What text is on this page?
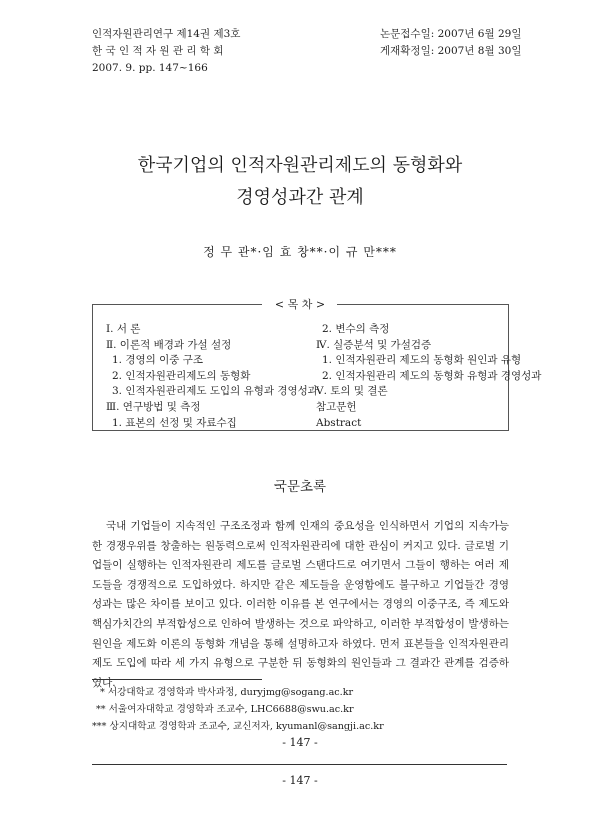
인적자원관리연구 제14권 제3호
한 국 인 적 자 원 관 리 학 회
2007. 9. pp. 147~166
논문접수일: 2007년 6월 29일
게재확정일: 2007년 8월 30일
한국기업의 인적자원관리제도의 동형화와
경영성과간 관계
정 무 관*·임 효 창**·이 규 만***
< 목 차 >
Ⅰ. 서 론
Ⅱ. 이론적 배경과 가설 설정
1. 경영의 이중 구조
2. 인적자원관리제도의 동형화
3. 인적자원관리제도 도입의 유형과 경영성과
Ⅲ. 연구방법 및 측정
1. 표본의 선정 및 자료수집
2. 변수의 측정
Ⅳ. 실증분석 및 가설검증
1. 인적자원관리 제도의 동형화 원인과 유형
2. 인적자원관리 제도의 동형화 유형과 경영성과
Ⅴ. 토의 및 결론
참고문헌
Abstract
국문초록
국내 기업들이 지속적인 구조조정과 함께 인재의 중요성을 인식하면서 기업의 지속가능한 경쟁우위를 창출하는 원동력으로써 인적자원관리에 대한 관심이 커지고 있다. 글로벌 기업들이 실행하는 인적자원관리 제도를 글로벌 스탠다드로 여기면서 그들이 행하는 여러 제도들을 경쟁적으로 도입하였다. 하지만 같은 제도들을 운영함에도 불구하고 기업들간 경영성과는 많은 차이를 보이고 있다. 이러한 이유를 본 연구에서는 경영의 이중구조, 즉 제도와 핵심가치간의 부적합성으로 인하여 발생하는 것으로 파악하고, 이러한 부적합성이 발생하는 원인을 제도화 이론의 동형화 개념을 통해 설명하고자 하였다. 먼저 표본들을 인적자원관리 제도 도입에 따라 세 가지 유형으로 구분한 뒤 동형화의 원인들과 그 결과간 관계를 검증하였다.
* 서강대학교 경영학과 박사과정, duryjmg@sogang.ac.kr
** 서울여자대학교 경영학과 조교수, LHC6688@swu.ac.kr
*** 상지대학교 경영학과 조교수, 교신저자, kyumanl@sangji.ac.kr
- 147 -
- 147 -
